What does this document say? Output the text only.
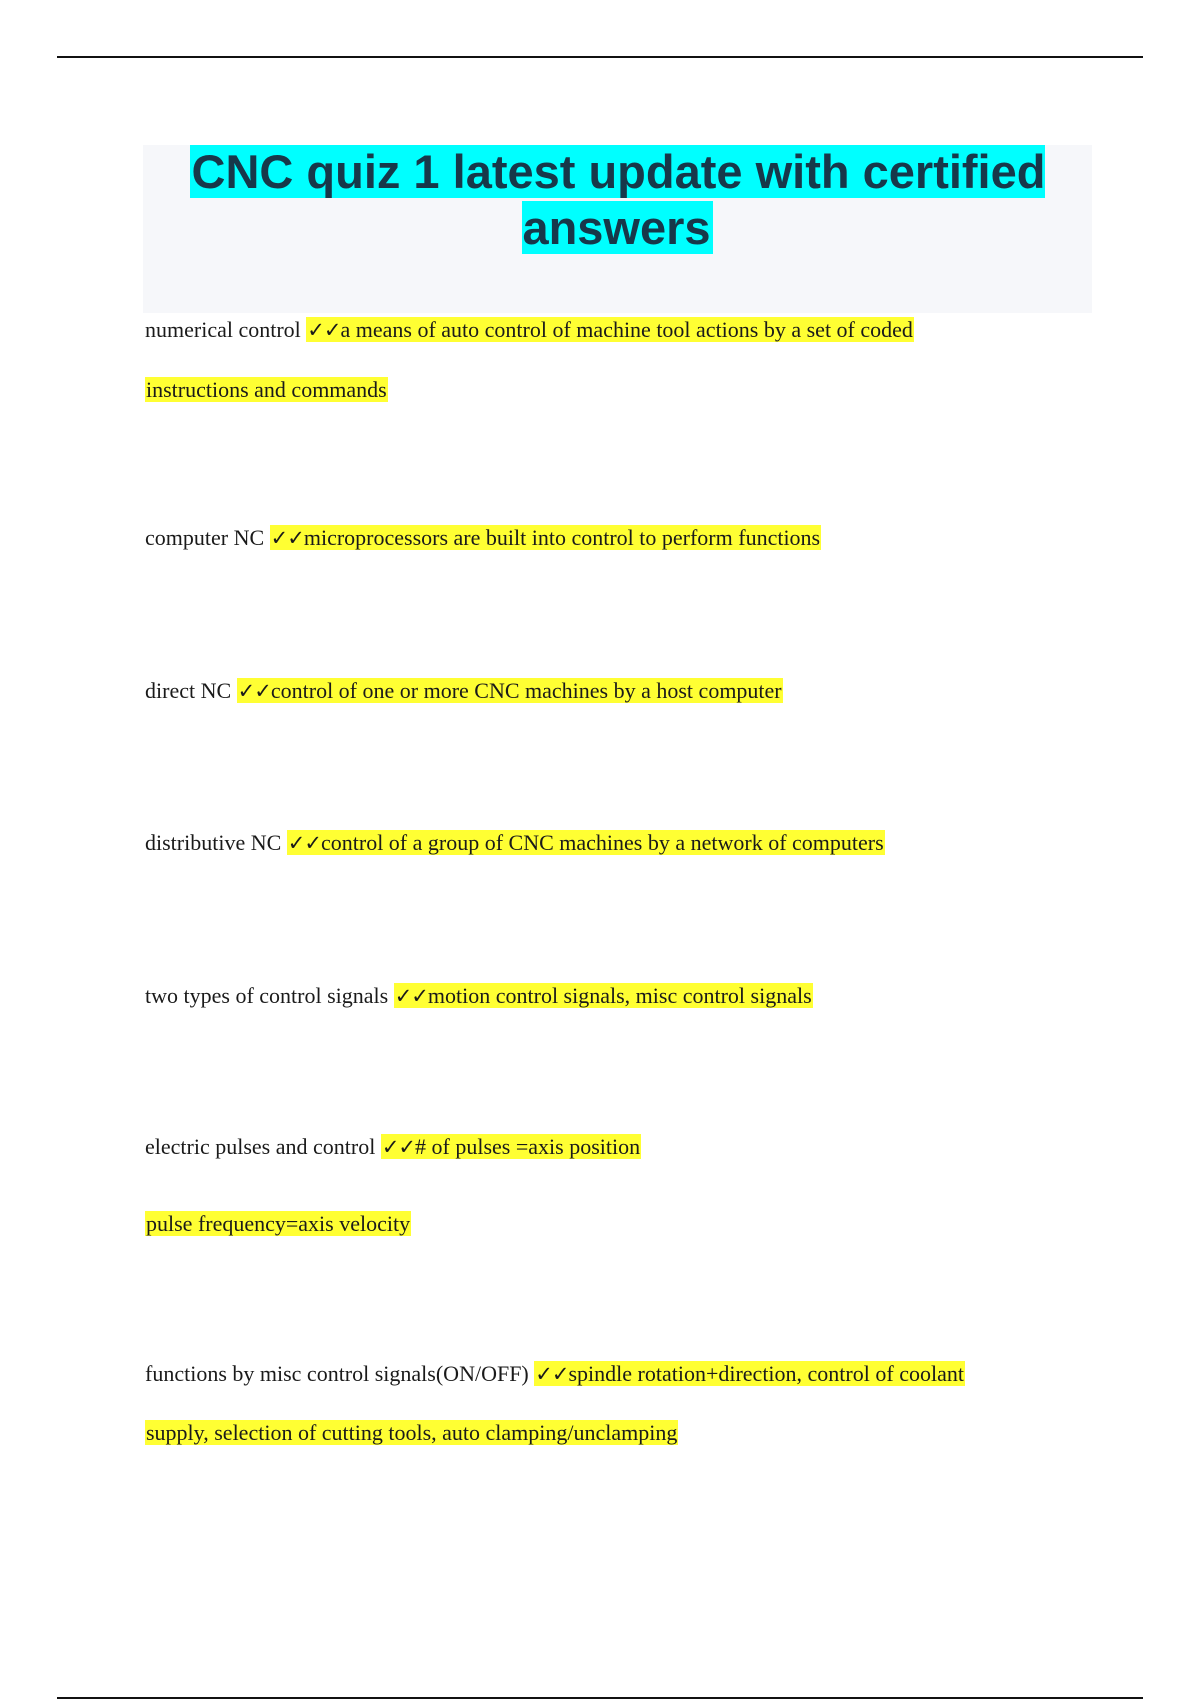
CNC quiz 1 latest update with certified answers
numerical control ✓✓a means of auto control of machine tool actions by a set of coded
instructions and commands
computer NC ✓✓microprocessors are built into control to perform functions
direct NC ✓✓control of one or more CNC machines by a host computer
distributive NC ✓✓control of a group of CNC machines by a network of computers
two types of control signals ✓✓motion control signals, misc control signals
electric pulses and control ✓✓# of pulses =axis position
pulse frequency=axis velocity
functions by misc control signals(ON/OFF) ✓✓spindle rotation+direction, control of coolant
supply, selection of cutting tools, auto clamping/unclamping
